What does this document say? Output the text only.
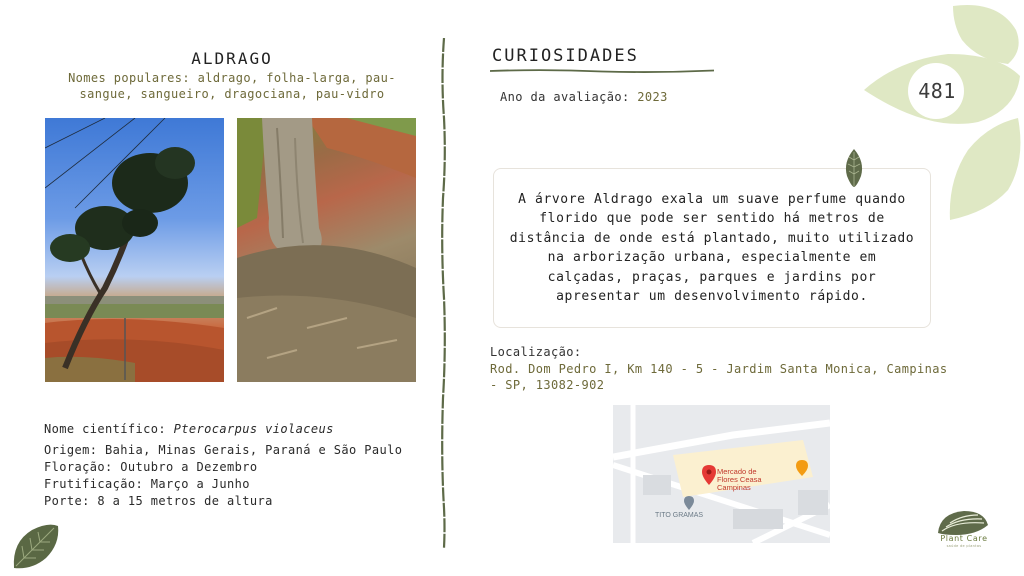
ALDRAGO
Nomes populares: aldrago, folha-larga, pau-sangue, sangueiro, dragociana, pau-vidro
Nome científico: Pterocarpus violaceus
Origem: Bahia, Minas Gerais, Paraná e São Paulo
Floração: Outubro a Dezembro
Frutificação: Março a Junho
Porte: 8 a 15 metros de altura
CURIOSIDADES
Ano da avaliação: 2023

A árvore Aldrago exala um suave perfume quando florido que pode ser sentido há metros de distância de onde está plantado, muito utilizado na arborização urbana, especialmente em calçadas, praças, parques e jardins por apresentar um desenvolvimento rápido.

Localização:
Rod. Dom Pedro I, Km 140 - 5 - Jardim Santa Monica, Campinas - SP, 13082-902
Mercado de Flores Ceasa Campinas
TITO GRAMAS
481
Plant Care
saúde de plantas
